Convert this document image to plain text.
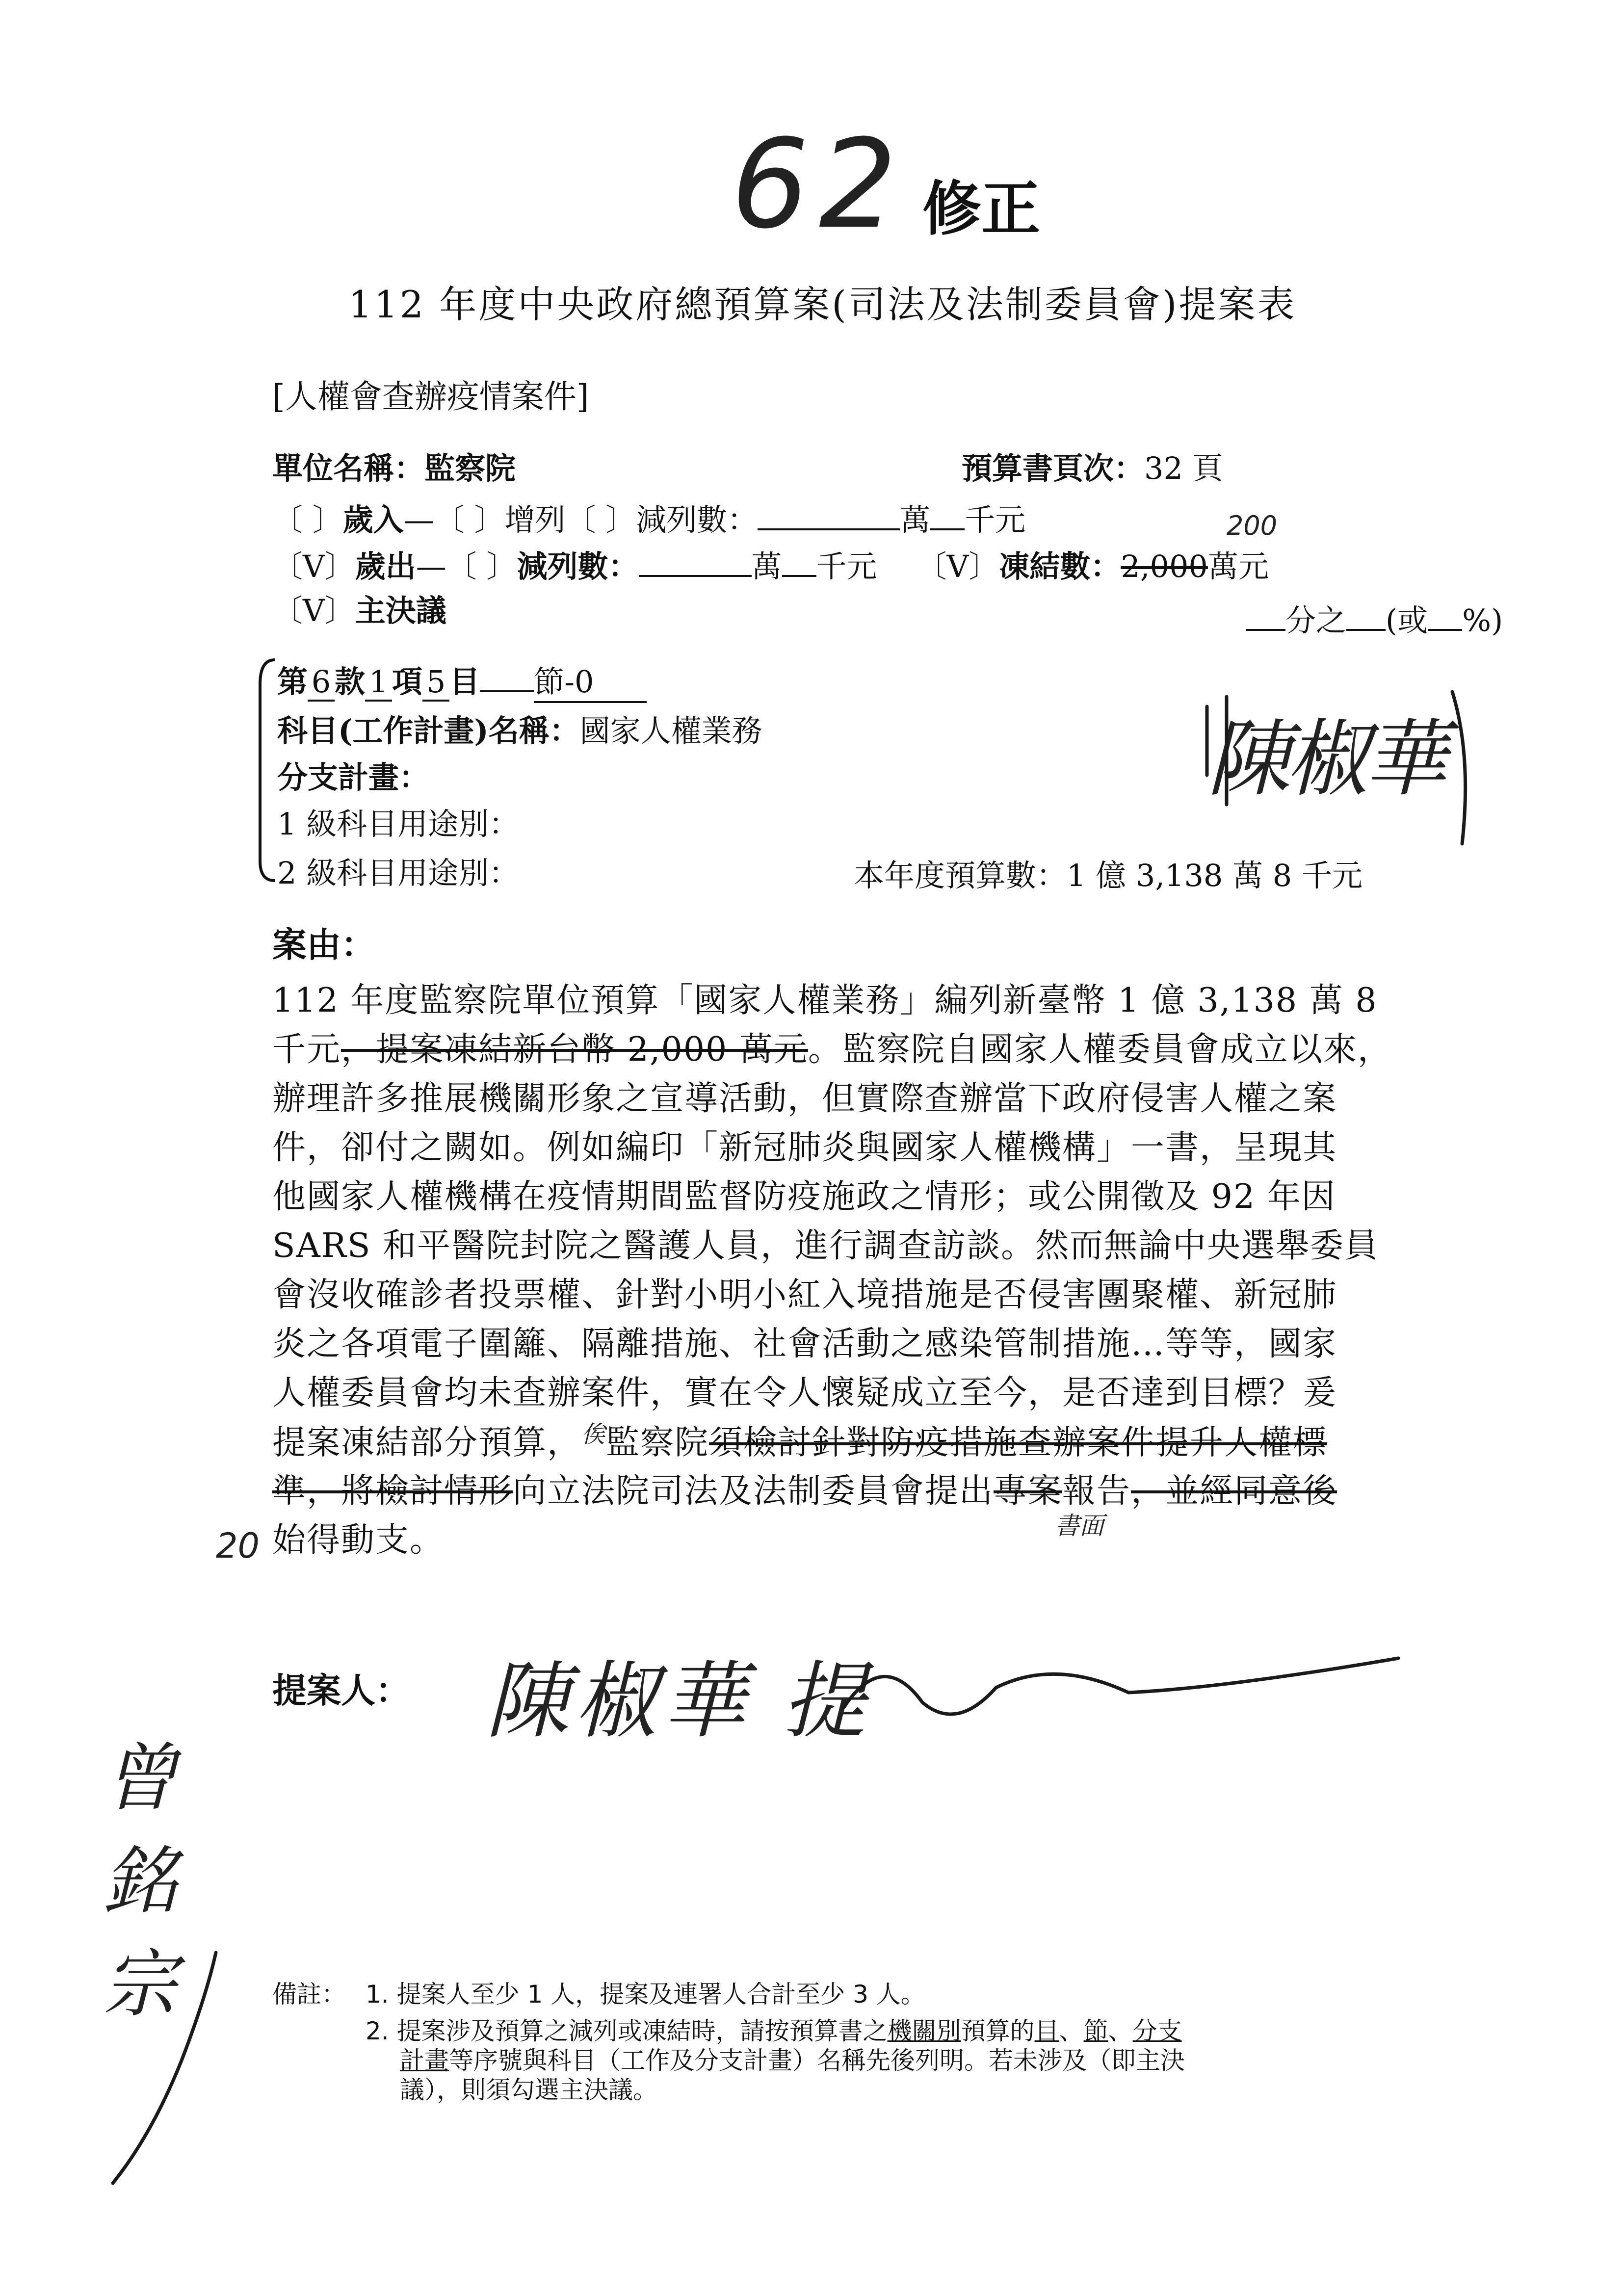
62 修正
112 年度中央政府總預算案(司法及法制委員會)提案表
[人權會查辦疫情案件]
單位名稱：監察院	預算書頁次：32 頁
〔 〕歲入—〔 〕增列〔 〕減列數：	萬 千元
〔V〕歲出—〔 〕減列數：	萬 千元 〔V〕凍結數：2,000萬元
200
〔V〕主決議	分之 (或 %)
第 6 款 1 項 5 目 節-0
科目(工作計畫)名稱：國家人權業務
分支計畫：
1 級科目用途別：
2 級科目用途別：	本年度預算數：1 億 3,138 萬 8 千元
陳椒華
案由：
112 年度監察院單位預算「國家人權業務」編列新臺幣 1 億 3,138 萬 8
千元，提案凍結新台幣 2,000 萬元。監察院自國家人權委員會成立以來，
辦理許多推展機關形象之宣導活動，但實際查辦當下政府侵害人權之案
件，卻付之闕如。例如編印「新冠肺炎與國家人權機構」一書，呈現其
他國家人權機構在疫情期間監督防疫施政之情形；或公開徵及 92 年因
SARS 和平醫院封院之醫護人員，進行調查訪談。然而無論中央選舉委員
會沒收確診者投票權、針對小明小紅入境措施是否侵害團聚權、新冠肺
炎之各項電子圍籬、隔離措施、社會活動之感染管制措施…等等，國家
人權委員會均未查辦案件，實在令人懷疑成立至今，是否達到目標？爰
提案凍結部分預算，$^俟$監察院須檢討針對防疫措施查辦案件提升人權標
準，將檢討情形向立法院司法及法制委員會提出專案報告，並經同意後
書面
始得動支。
20
提案人： 陳椒華 提
曾銘宗	備註： 1. 提案人至少 1 人，提案及連署人合計至少 3 人。
2. 提案涉及預算之減列或凍結時，請按預算書之機關別預算的目、節、分支
計畫等序號與科目（工作及分支計畫）名稱先後列明。若未涉及（即主決
議），則須勾選主決議。
